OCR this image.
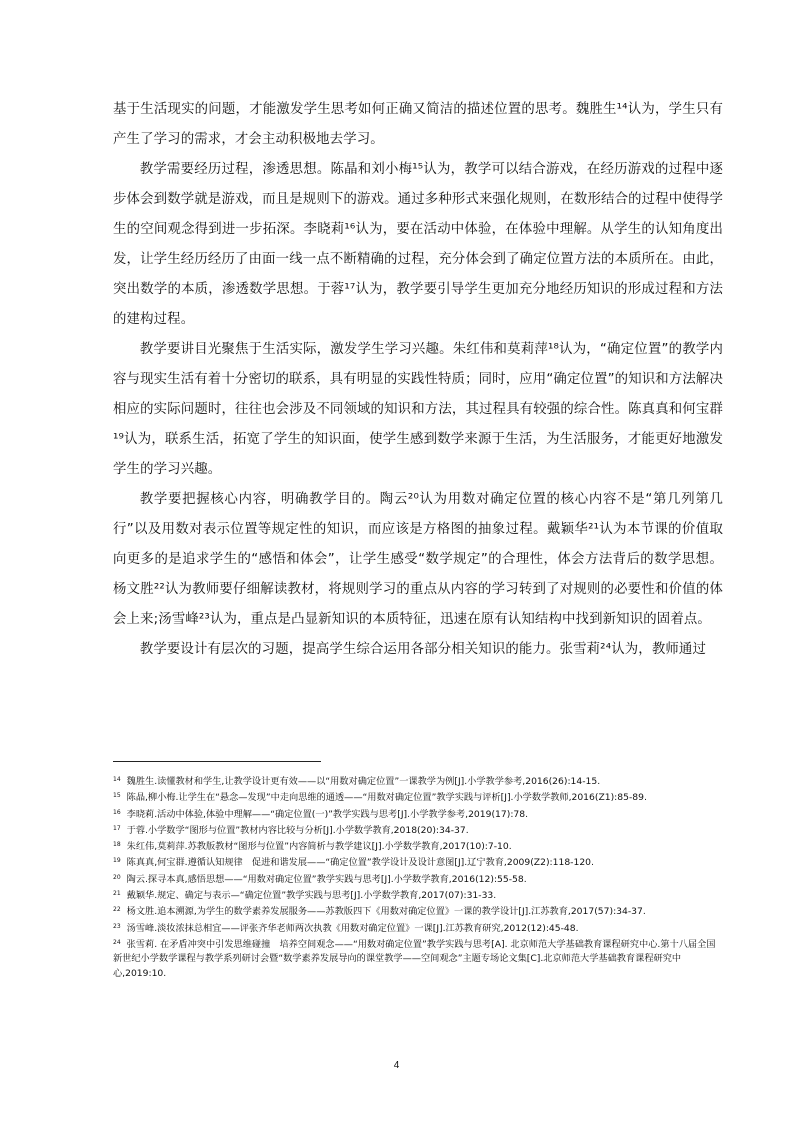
基于生活现实的问题，才能激发学生思考如何正确又简洁的描述位置的思考。魏胜生¹⁴认为，学生只有产生了学习的需求，才会主动积极地去学习。

教学需要经历过程，渗透思想。陈晶和刘小梅¹⁵认为，教学可以结合游戏，在经历游戏的过程中逐步体会到数学就是游戏，而且是规则下的游戏。通过多种形式来强化规则，在数形结合的过程中使得学生的空间观念得到进一步拓深。李晓莉¹⁶认为，要在活动中体验，在体验中理解。从学生的认知角度出发，让学生经历经历了由面一线一点不断精确的过程，充分体会到了确定位置方法的本质所在。由此，突出数学的本质，渗透数学思想。于蓉¹⁷认为，教学要引导学生更加充分地经历知识的形成过程和方法的建构过程。

教学要讲目光聚焦于生活实际，激发学生学习兴趣。朱红伟和莫莉萍¹⁸认为，“确定位置”的教学内容与现实生活有着十分密切的联系，具有明显的实践性特质；同时，应用“确定位置”的知识和方法解决相应的实际问题时，往往也会涉及不同领域的知识和方法，其过程具有较强的综合性。陈真真和何宝群¹⁹认为，联系生活，拓宽了学生的知识面，使学生感到数学来源于生活，为生活服务，才能更好地激发学生的学习兴趣。

教学要把握核心内容，明确教学目的。陶云²⁰认为用数对确定位置的核心内容不是“第几列第几行”以及用数对表示位置等规定性的知识，而应该是方格图的抽象过程。戴颖华²¹认为本节课的价值取向更多的是追求学生的“感悟和体会”，让学生感受“数学规定”的合理性，体会方法背后的数学思想。杨文胜²²认为教师要仔细解读教材，将规则学习的重点从内容的学习转到了对规则的必要性和价值的体会上来;汤雪峰²³认为，重点是凸显新知识的本质特征，迅速在原有认知结构中找到新知识的固着点。

教学要设计有层次的习题，提高学生综合运用各部分相关知识的能力。张雪莉²⁴认为，教师通过

$^{14}$ 魏胜生.读懂教材和学生,让教学设计更有效——以“用数对确定位置”一课教学为例[J].小学教学参考,2016(26):14-15.

$^{15}$ 陈晶,柳小梅.让学生在“悬念—发现”中走向思维的通透——“用数对确定位置”教学实践与评析[J].小学数学教师,2016(Z1):85-89.

$^{16}$ 李晓莉.活动中体验,体验中理解——“确定位置(一)”教学实践与思考[J].小学教学参考,2019(17):78.

$^{17}$ 于蓉.小学数学“图形与位置”教材内容比较与分析[J].小学数学教育,2018(20):34-37.

$^{18}$ 朱红伟,莫莉萍.苏教版教材“图形与位置”内容简析与教学建议[J].小学数学教育,2017(10):7-10.

$^{19}$ 陈真真,何宝群.遵循认知规律　促进和谐发展——“确定位置”教学设计及设计意图[J].辽宁教育,2009(Z2):118-120.

$^{20}$ 陶云.探寻本真,感悟思想——“用数对确定位置”教学实践与思考[J].小学数学教育,2016(12):55-58.

$^{21}$ 戴颖华.规定、确定与表示—“确定位置”教学实践与思考[J].小学数学教育,2017(07):31-33.

$^{22}$ 杨文胜.追本溯源,为学生的数学素养发展服务——苏教版四下《用数对确定位置》一课的教学设计[J].江苏教育,2017(57):34-37.

$^{23}$ 汤雪峰.淡妆浓抹总相宜——评张齐华老师两次执教《用数对确定位置》一课[J].江苏教育研究,2012(12):45-48.

$^{24}$ 张雪莉. 在矛盾冲突中引发思维碰撞　培养空间观念——“用数对确定位置”教学实践与思考[A]. 北京师范大学基础教育课程研究中心.第十八届全国新世纪小学数学课程与教学系列研讨会暨“数学素养发展导向的课堂教学——空间观念”主题专场论文集[C].北京师范大学基础教育课程研究中心,2019:10.

4
